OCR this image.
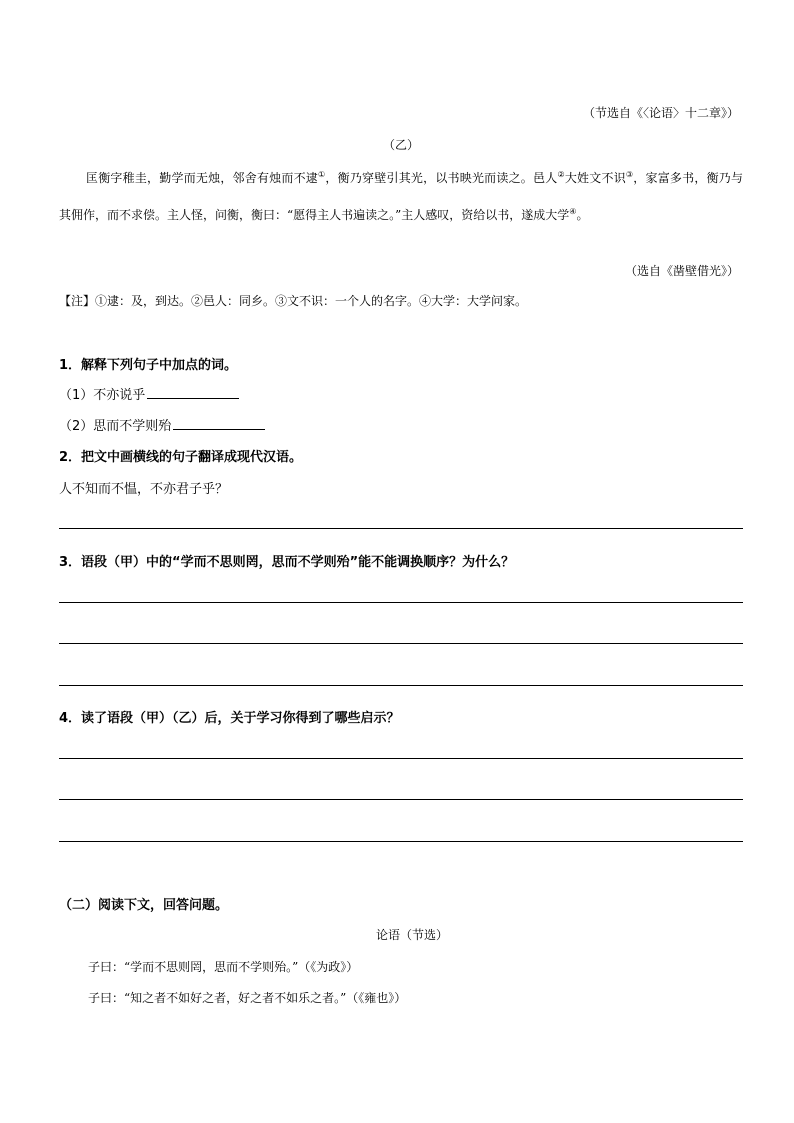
（节选自《〈论语〉十二章》）

（乙）

匡衡字稚圭，勤学而无烛，邻舍有烛而不逮①，衡乃穿壁引其光，以书映光而读之。邑人②大姓文不识③，家富多书，衡乃与其佣作，而不求偿。主人怪，问衡，衡曰：“愿得主人书遍读之。”主人感叹，资给以书，遂成大学④。

（选自《凿壁借光》）

【注】①逮：及，到达。②邑人：同乡。③文不识：一个人的名字。④大学：大学问家。

1．解释下列句子中加点的词。

（1）不亦说乎

（2）思而不学则殆

2．把文中画横线的句子翻译成现代汉语。

人不知而不愠，不亦君子乎？

3．语段（甲）中的“学而不思则罔，思而不学则殆”能不能调换顺序？为什么？

4．读了语段（甲）（乙）后，关于学习你得到了哪些启示？

（二）阅读下文，回答问题。

论语（节选）

子曰：“学而不思则罔，思而不学则殆。”（《为政》）

子曰：“知之者不如好之者，好之者不如乐之者。”（《雍也》）
